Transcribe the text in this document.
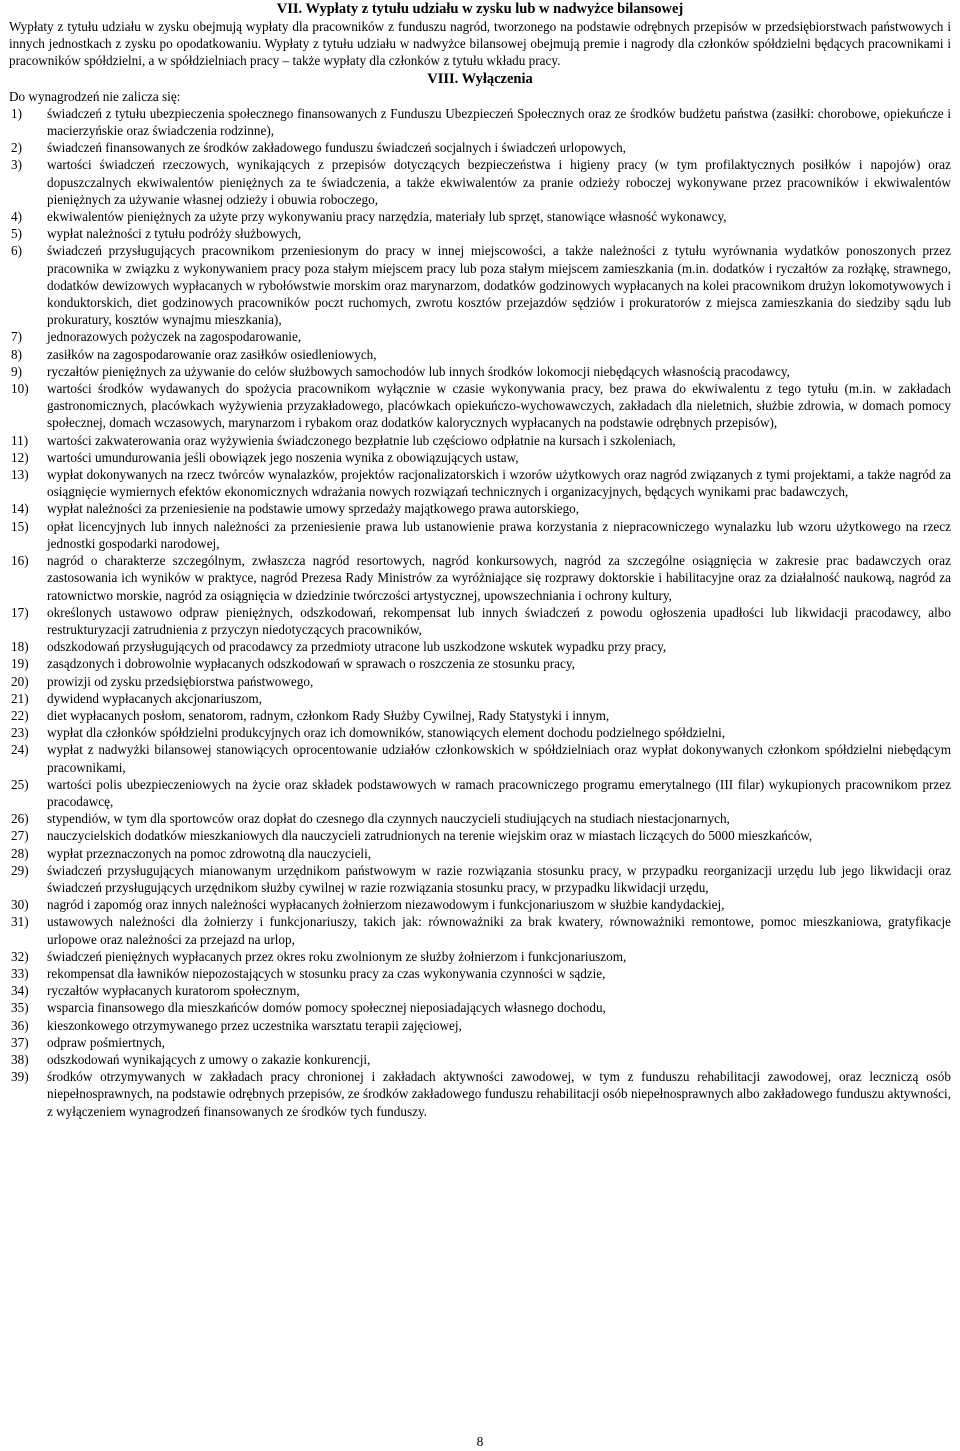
VII. Wypłaty z tytułu udziału w zysku lub w nadwyżce bilansowej

Wypłaty z tytułu udziału w zysku obejmują wypłaty dla pracowników z funduszu nagród, tworzonego na podstawie odrębnych przepisów w przedsiębiorstwach państwowych i innych jednostkach z zysku po opodatkowaniu. Wypłaty z tytułu udziału w nadwyżce bilansowej obejmują premie i nagrody dla członków spółdzielni będących pracownikami i pracowników spółdzielni, a w spółdzielniach pracy – także wypłaty dla członków z tytułu wkładu pracy.

VIII. Wyłączenia

Do wynagrodzeń nie zalicza się:

1) świadczeń z tytułu ubezpieczenia społecznego finansowanych z Funduszu Ubezpieczeń Społecznych oraz ze środków budżetu państwa (zasiłki: chorobowe, opiekuńcze i macierzyńskie oraz świadczenia rodzinne),
2) świadczeń finansowanych ze środków zakładowego funduszu świadczeń socjalnych i świadczeń urlopowych,
3) wartości świadczeń rzeczowych, wynikających z przepisów dotyczących bezpieczeństwa i higieny pracy (w tym profilaktycznych posiłków i napojów) oraz dopuszczalnych ekwiwalentów pieniężnych za te świadczenia, a także ekwiwalentów za pranie odzieży roboczej wykonywane przez pracowników i ekwiwalentów pieniężnych za używanie własnej odzieży i obuwia roboczego,
4) ekwiwalentów pieniężnych za użyte przy wykonywaniu pracy narzędzia, materiały lub sprzęt, stanowiące własność wykonawcy,
5) wypłat należności z tytułu podróży służbowych,
6) świadczeń przysługujących pracownikom przeniesionym do pracy w innej miejscowości, a także należności z tytułu wyrównania wydatków ponoszonych przez pracownika w związku z wykonywaniem pracy poza stałym miejscem pracy lub poza stałym miejscem zamieszkania (m.in. dodatków i ryczałtów za rozłąkę, strawnego, dodatków dewizowych wypłacanych w rybołówstwie morskim oraz marynarzom, dodatków godzinowych wypłacanych na kolei pracownikom drużyn lokomotywowych i konduktorskich, diet godzinowych pracowników poczt ruchomych, zwrotu kosztów przejazdów sędziów i prokuratorów z miejsca zamieszkania do siedziby sądu lub prokuratury, kosztów wynajmu mieszkania),
7) jednorazowych pożyczek na zagospodarowanie,
8) zasiłków na zagospodarowanie oraz zasiłków osiedleniowych,
9) ryczałtów pieniężnych za używanie do celów służbowych samochodów lub innych środków lokomocji niebędących własnością pracodawcy,
10) wartości środków wydawanych do spożycia pracownikom wyłącznie w czasie wykonywania pracy, bez prawa do ekwiwalentu z tego tytułu (m.in. w zakładach gastronomicznych, placówkach wyżywienia przyzakładowego, placówkach opiekuńczo-wychowawczych, zakładach dla nieletnich, służbie zdrowia, w domach pomocy społecznej, domach wczasowych, marynarzom i rybakom oraz dodatków kalorycznych wypłacanych na podstawie odrębnych przepisów),
11) wartości zakwaterowania oraz wyżywienia świadczonego bezpłatnie lub częściowo odpłatnie na kursach i szkoleniach,
12) wartości umundurowania jeśli obowiązek jego noszenia wynika z obowiązujących ustaw,
13) wypłat dokonywanych na rzecz twórców wynalazków, projektów racjonalizatorskich i wzorów użytkowych oraz nagród związanych z tymi projektami, a także nagród za osiągnięcie wymiernych efektów ekonomicznych wdrażania nowych rozwiązań technicznych i organizacyjnych, będących wynikami prac badawczych,
14) wypłat należności za przeniesienie na podstawie umowy sprzedaży majątkowego prawa autorskiego,
15) opłat licencyjnych lub innych należności za przeniesienie prawa lub ustanowienie prawa korzystania z niepracowniczego wynalazku lub wzoru użytkowego na rzecz jednostki gospodarki narodowej,
16) nagród o charakterze szczególnym, zwłaszcza nagród resortowych, nagród konkursowych, nagród za szczególne osiągnięcia w zakresie prac badawczych oraz zastosowania ich wyników w praktyce, nagród Prezesa Rady Ministrów za wyróżniające się rozprawy doktorskie i habilitacyjne oraz za działalność naukową, nagród za ratownictwo morskie, nagród za osiągnięcia w dziedzinie twórczości artystycznej, upowszechniania i ochrony kultury,
17) określonych ustawowo odpraw pieniężnych, odszkodowań, rekompensat lub innych świadczeń z powodu ogłoszenia upadłości lub likwidacji pracodawcy, albo restrukturyzacji zatrudnienia z przyczyn niedotyczących pracowników,
18) odszkodowań przysługujących od pracodawcy za przedmioty utracone lub uszkodzone wskutek wypadku przy pracy,
19) zasądzonych i dobrowolnie wypłacanych odszkodowań w sprawach o roszczenia ze stosunku pracy,
20) prowizji od zysku przedsiębiorstwa państwowego,
21) dywidend wypłacanych akcjonariuszom,
22) diet wypłacanych posłom, senatorom, radnym, członkom Rady Służby Cywilnej, Rady Statystyki i innym,
23) wypłat dla członków spółdzielni produkcyjnych oraz ich domowników, stanowiących element dochodu podzielnego spółdzielni,
24) wypłat z nadwyżki bilansowej stanowiących oprocentowanie udziałów członkowskich w spółdzielniach oraz wypłat dokonywanych członkom spółdzielni niebędącym pracownikami,
25) wartości polis ubezpieczeniowych na życie oraz składek podstawowych w ramach pracowniczego programu emerytalnego (III filar) wykupionych pracownikom przez pracodawcę,
26) stypendiów, w tym dla sportowców oraz dopłat do czesnego dla czynnych nauczycieli studiujących na studiach niestacjonarnych,
27) nauczycielskich dodatków mieszkaniowych dla nauczycieli zatrudnionych na terenie wiejskim oraz w miastach liczących do 5000 mieszkańców,
28) wypłat przeznaczonych na pomoc zdrowotną dla nauczycieli,
29) świadczeń przysługujących mianowanym urzędnikom państwowym w razie rozwiązania stosunku pracy, w przypadku reorganizacji urzędu lub jego likwidacji oraz świadczeń przysługujących urzędnikom służby cywilnej w razie rozwiązania stosunku pracy, w przypadku likwidacji urzędu,
30) nagród i zapomóg oraz innych należności wypłacanych żołnierzom niezawodowym i funkcjonariuszom w służbie kandydackiej,
31) ustawowych należności dla żołnierzy i funkcjonariuszy, takich jak: równoważniki za brak kwatery, równoważniki remontowe, pomoc mieszkaniowa, gratyfikacje urlopowe oraz należności za przejazd na urlop,
32) świadczeń pieniężnych wypłacanych przez okres roku zwolnionym ze służby żołnierzom i funkcjonariuszom,
33) rekompensat dla ławników niepozostających w stosunku pracy za czas wykonywania czynności w sądzie,
34) ryczałtów wypłacanych kuratorom społecznym,
35) wsparcia finansowego dla mieszkańców domów pomocy społecznej nieposiadających własnego dochodu,
36) kieszonkowego otrzymywanego przez uczestnika warsztatu terapii zajęciowej,
37) odpraw pośmiertnych,
38) odszkodowań wynikających z umowy o zakazie konkurencji,
39) środków otrzymywanych w zakładach pracy chronionej i zakładach aktywności zawodowej, w tym z funduszu rehabilitacji zawodowej, oraz leczniczą osób niepełnosprawnych, na podstawie odrębnych przepisów, ze środków zakładowego funduszu rehabilitacji osób niepełnosprawnych albo zakładowego funduszu aktywności, z wyłączeniem wynagrodzeń finansowanych ze środków tych funduszy.
8
